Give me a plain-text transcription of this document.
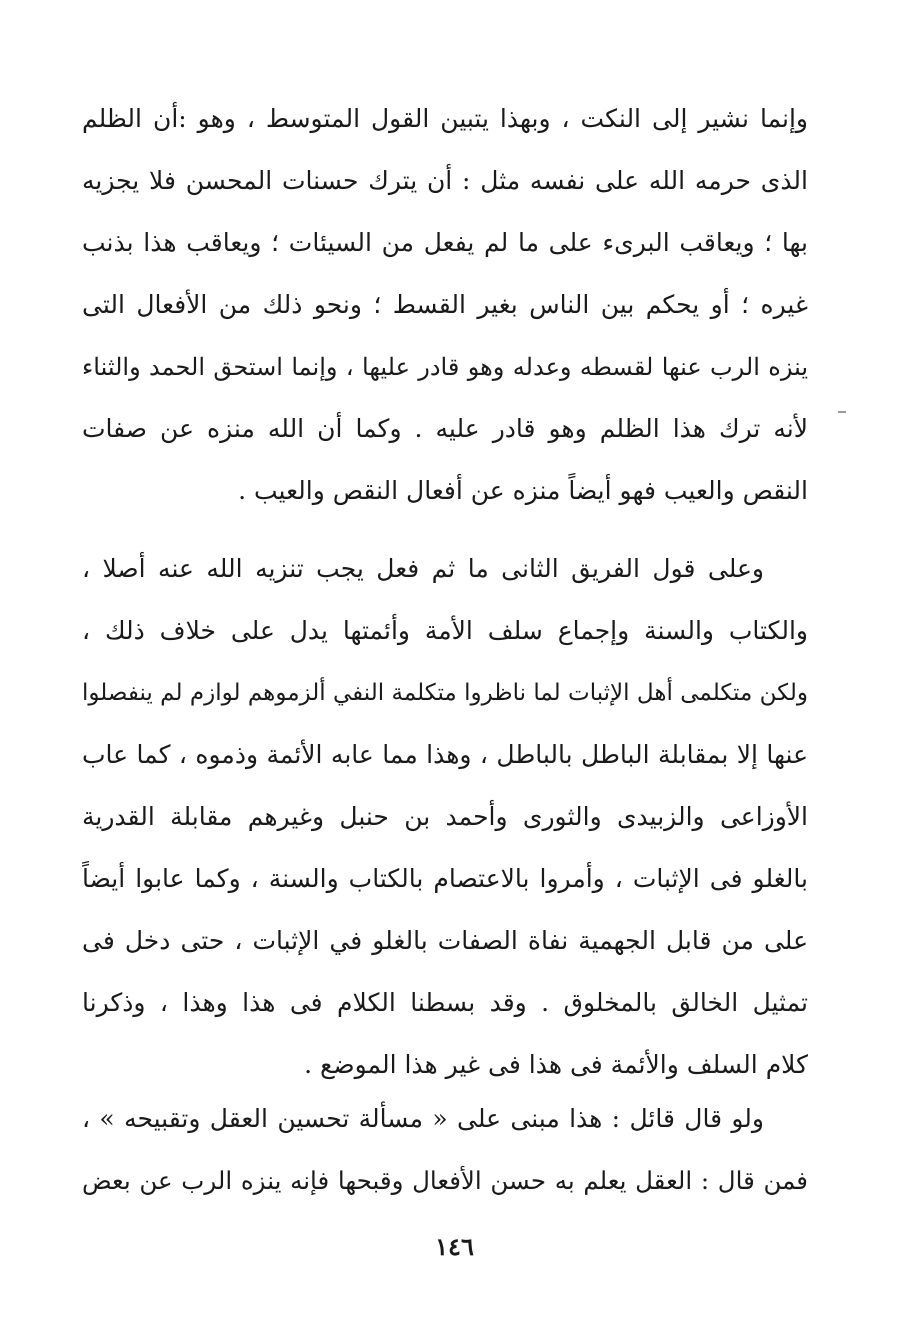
وإنما نشير إلى النكت ، وبهذا يتبين القول المتوسط ، وهو :أن الظلم
الذى حرمه الله على نفسه مثل : أن يترك حسنات المحسن فلا يجزيه
بها ؛ ويعاقب البرىء على ما لم يفعل من السيئات ؛ ويعاقب هذا بذنب
غيره ؛ أو يحكم بين الناس بغير القسط ؛ ونحو ذلك من الأفعال التى
ينزه الرب عنها لقسطه وعدله وهو قادر عليها ، وإنما استحق الحمد والثناء
لأنه ترك هذا الظلم وهو قادر عليه . وكما أن الله منزه عن صفات
النقص والعيب فهو أيضاً منزه عن أفعال النقص والعيب .
وعلى قول الفريق الثانى ما ثم فعل يجب تنزيه الله عنه أصلا ،
والكتاب والسنة وإجماع سلف الأمة وأئمتها يدل على خلاف ذلك ،
ولكن متكلمى أهل الإثبات لما ناظروا متكلمة النفي ألزموهم لوازم لم ينفصلوا
عنها إلا بمقابلة الباطل بالباطل ، وهذا مما عابه الأئمة وذموه ، كما عاب
الأوزاعى والزبيدى والثورى وأحمد بن حنبل وغيرهم مقابلة القدرية
بالغلو فى الإثبات ، وأمروا بالاعتصام بالكتاب والسنة ، وكما عابوا أيضاً
على من قابل الجهمية نفاة الصفات بالغلو في الإثبات ، حتى دخل فى
تمثيل الخالق بالمخلوق . وقد بسطنا الكلام فى هذا وهذا ، وذكرنا
كلام السلف والأئمة فى هذا فى غير هذا الموضع .
ولو قال قائل : هذا مبنى على « مسألة تحسين العقل وتقبيحه » ،
فمن قال : العقل يعلم به حسن الأفعال وقبحها فإنه ينزه الرب عن بعض
١٤٦
